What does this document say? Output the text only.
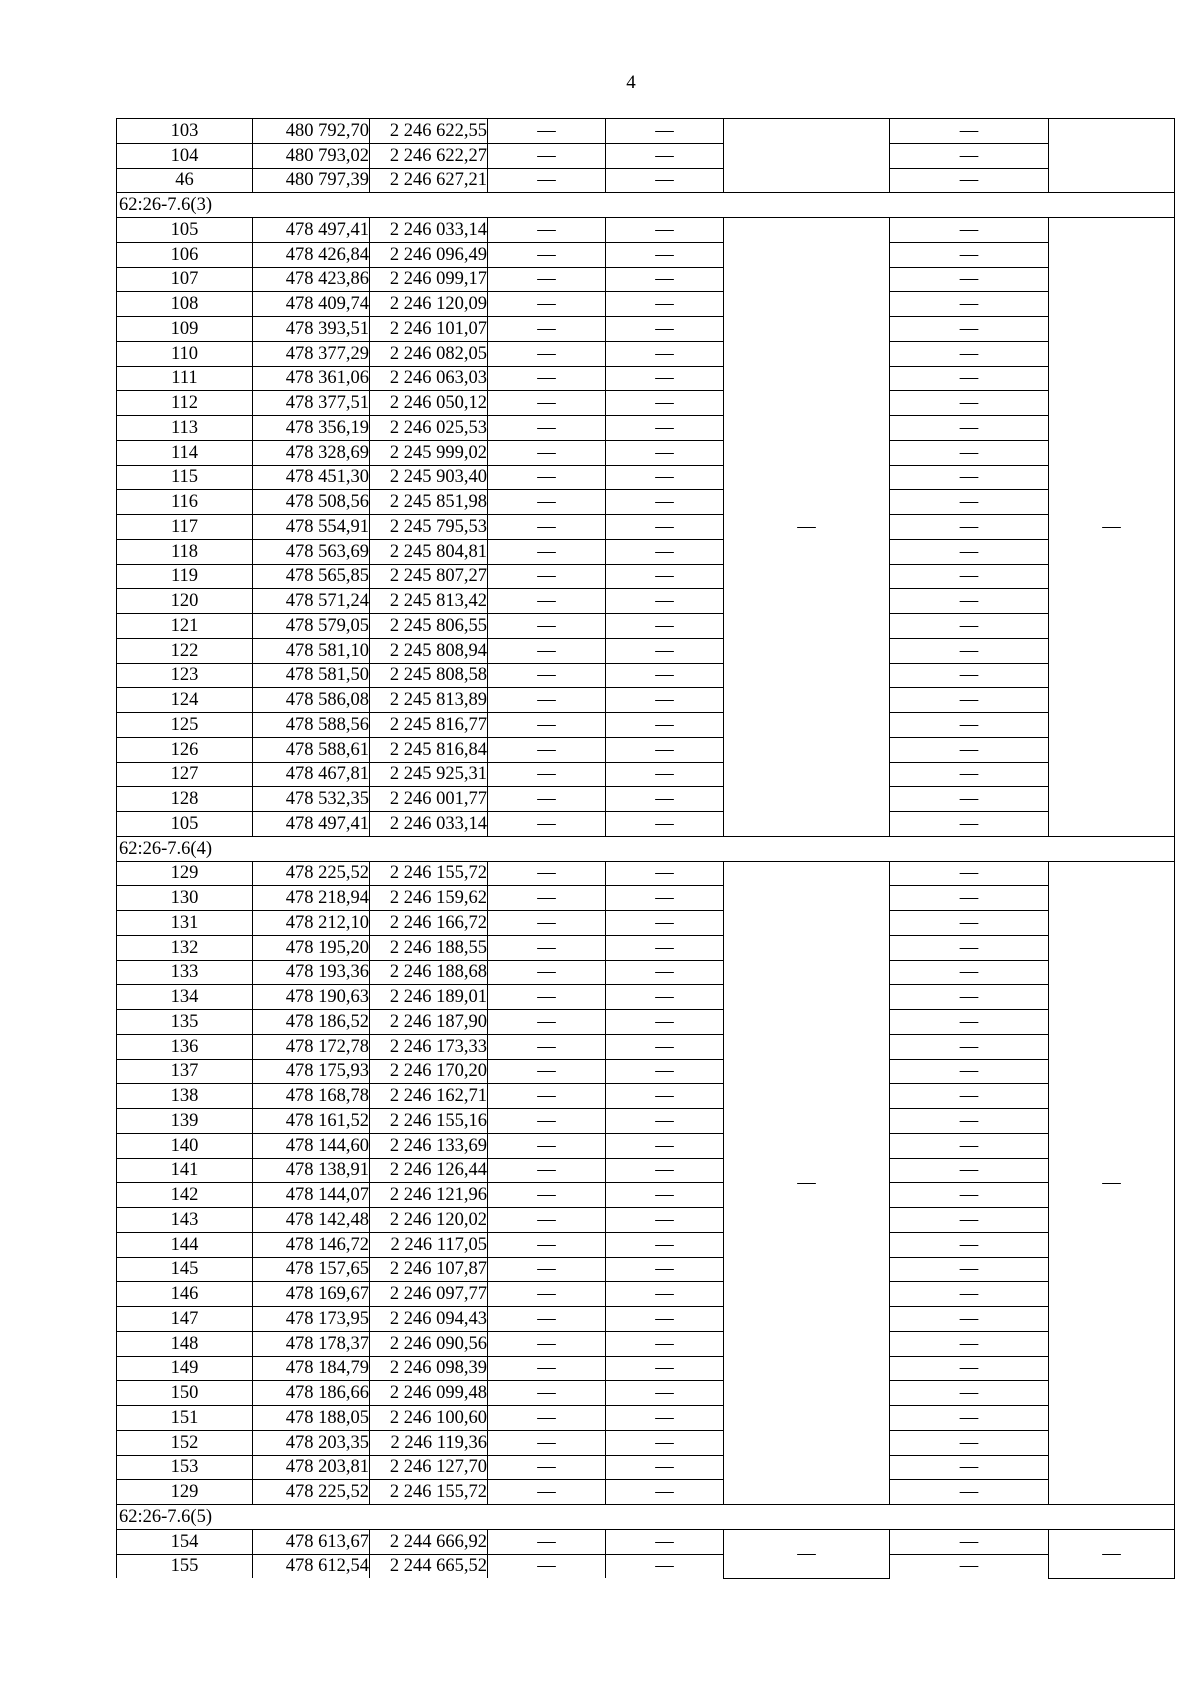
4
103	480 792,70	2 246 622,55	—	—		—	
104	480 793,02	2 246 622,27	—	—		—	
46	480 797,39	2 246 627,21	—	—		—	
62:26-7.6(3)							
105	478 497,41	2 246 033,14	—	—	—	—	—
106	478 426,84	2 246 096,49	—	—		—	
107	478 423,86	2 246 099,17	—	—		—	
108	478 409,74	2 246 120,09	—	—		—	
109	478 393,51	2 246 101,07	—	—		—	
110	478 377,29	2 246 082,05	—	—		—	
111	478 361,06	2 246 063,03	—	—		—	
112	478 377,51	2 246 050,12	—	—		—	
113	478 356,19	2 246 025,53	—	—		—	
114	478 328,69	2 245 999,02	—	—		—	
115	478 451,30	2 245 903,40	—	—		—	
116	478 508,56	2 245 851,98	—	—		—	
117	478 554,91	2 245 795,53	—	—		—	
118	478 563,69	2 245 804,81	—	—		—	
119	478 565,85	2 245 807,27	—	—		—	
120	478 571,24	2 245 813,42	—	—		—	
121	478 579,05	2 245 806,55	—	—		—	
122	478 581,10	2 245 808,94	—	—		—	
123	478 581,50	2 245 808,58	—	—		—	
124	478 586,08	2 245 813,89	—	—		—	
125	478 588,56	2 245 816,77	—	—		—	
126	478 588,61	2 245 816,84	—	—		—	
127	478 467,81	2 245 925,31	—	—		—	
128	478 532,35	2 246 001,77	—	—		—	
105	478 497,41	2 246 033,14	—	—		—	
62:26-7.6(4)							
129	478 225,52	2 246 155,72	—	—	—	—	—
130	478 218,94	2 246 159,62	—	—		—	
131	478 212,10	2 246 166,72	—	—		—	
132	478 195,20	2 246 188,55	—	—		—	
133	478 193,36	2 246 188,68	—	—		—	
134	478 190,63	2 246 189,01	—	—		—	
135	478 186,52	2 246 187,90	—	—		—	
136	478 172,78	2 246 173,33	—	—		—	
137	478 175,93	2 246 170,20	—	—		—	
138	478 168,78	2 246 162,71	—	—		—	
139	478 161,52	2 246 155,16	—	—		—	
140	478 144,60	2 246 133,69	—	—		—	
141	478 138,91	2 246 126,44	—	—		—	
142	478 144,07	2 246 121,96	—	—		—	
143	478 142,48	2 246 120,02	—	—		—	
144	478 146,72	2 246 117,05	—	—		—	
145	478 157,65	2 246 107,87	—	—		—	
146	478 169,67	2 246 097,77	—	—		—	
147	478 173,95	2 246 094,43	—	—		—	
148	478 178,37	2 246 090,56	—	—		—	
149	478 184,79	2 246 098,39	—	—		—	
150	478 186,66	2 246 099,48	—	—		—	
151	478 188,05	2 246 100,60	—	—		—	
152	478 203,35	2 246 119,36	—	—		—	
153	478 203,81	2 246 127,70	—	—		—	
129	478 225,52	2 246 155,72	—	—		—	
62:26-7.6(5)							
154	478 613,67	2 244 666,92	—	—	—	—	—
155	478 612,54	2 244 665,52	—	—		—	
